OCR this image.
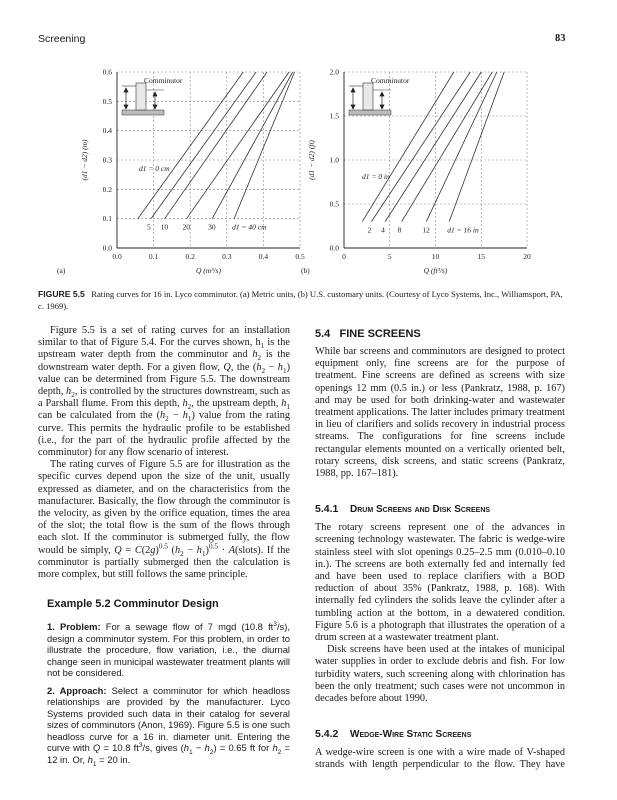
Screening	83
Comminutor
0.0	0.1	0.2	0.3	0.4	0.5
0.0
0.1
0.2
0.3
0.4
0.5
0.6
5 10 20 30 d1 = 40 cm
d1 = 0 cm
Q (m³/s)
(a)
(d1 − d2) (m)
Comminutor
0	5	10	15	20
0.0
0.5
1.0
1.5
2.0
2 4 8	12 d1 = 16 in
d1 = 0 in
Q (ft³/s)
(b)
(d1 − d2) (ft)
FIGURE 5.5 Rating curves for 16 in. Lyco comminutor. (a) Metric units, (b) U.S. customary units. (Courtesy of Lyco Systems, Inc., Williamsport, PA, c. 1969).

Figure 5.5 is a set of rating curves for an installation similar to that of Figure 5.4. For the curves shown, $h_1$ is the upstream water depth from the comminutor and $h_2$ is the downstream water depth. For a given flow, Q, the $(h_2 - h_1)$ value can be determined from Figure 5.5. The downstream depth, $h_2$, is controlled by the structures downstream, such as a Parshall flume. From this depth, $h_2$, the upstream depth, $h_1$ can be calculated from the $(h_2 - h_1)$ value from the rating curve. This permits the hydraulic profile to be established (i.e., for the part of the hydraulic profile affected by the comminutor) for any flow scenario of interest.

The rating curves of Figure 5.5 are for illustration as the specific curves depend upon the size of the unit, usually expressed as diameter, and on the characteristics from the manufacturer. Basically, the flow through the comminutor is the velocity, as given by the orifice equation, times the area of the slot; the total flow is the sum of the flows through each slot. If the comminutor is submerged fully, the flow would be simply, $Q = C(2g)^{0.5}$ $(h_2 - h_1)^{0.5}$ · A(slots). If the comminutor is partially submerged then the calculation is more complex, but still follows the same principle.

Example 5.2 Comminutor Design

1. Problem: For a sewage flow of 7 mgd (10.8 $ft^3/s$), design a comminutor system. For this problem, in order to illustrate the procedure, flow variation, i.e., the diurnal change seen in municipal wastewater treatment plants will not be considered.

2. Approach: Select a comminutor for which headloss relationships are provided by the manufacturer. Lyco Systems provided such data in their catalog for several sizes of comminutors (Anon, 1969). Figure 5.5 is one such headloss curve for a 16 in. diameter unit. Entering the curve with Q = 10.8 $ft^3/s$, gives $(h_1 - h_2) = 0.65$ ft for $h_2 = 12$ in. Or, $h_1 = 20$ in.

5.4 FINE SCREENS

While bar screens and comminutors are designed to protect equipment only, fine screens are for the purpose of treatment. Fine screens are defined as screens with size openings 12 mm (0.5 in.) or less (Pankratz, 1988, p. 167) and may be used for both drinking-water and wastewater treatment applications. The latter includes primary treatment in lieu of clarifiers and solids recovery in industrial process streams. The configurations for fine screens include rectangular elements mounted on a vertically oriented belt, rotary screens, disk screens, and static screens (Pankratz, 1988, pp. 167–181).

5.4.1 Drum Screens and Disk Screens

The rotary screens represent one of the advances in screening technology wastewater. The fabric is wedge-wire stainless steel with slot openings 0.25–2.5 mm (0.010–0.10 in.). The screens are both externally fed and internally fed and have been used to replace clarifiers with a BOD reduction of about 35% (Pankratz, 1988, p. 168). With internally fed cylinders the solids leave the cylinder after a tumbling action at the bottom, in a dewatered condition. Figure 5.6 is a photograph that illustrates the operation of a drum screen at a wastewater treatment plant.

Disk screens have been used at the intakes of municipal water supplies in order to exclude debris and fish. For low turbidity waters, such screening along with chlorination has been the only treatment; such cases were not uncommon in decades before about 1990.

5.4.2 Wedge-Wire Static Screens

A wedge-wire screen is one with a wire made of V-shaped strands with length perpendicular to the flow. They have
